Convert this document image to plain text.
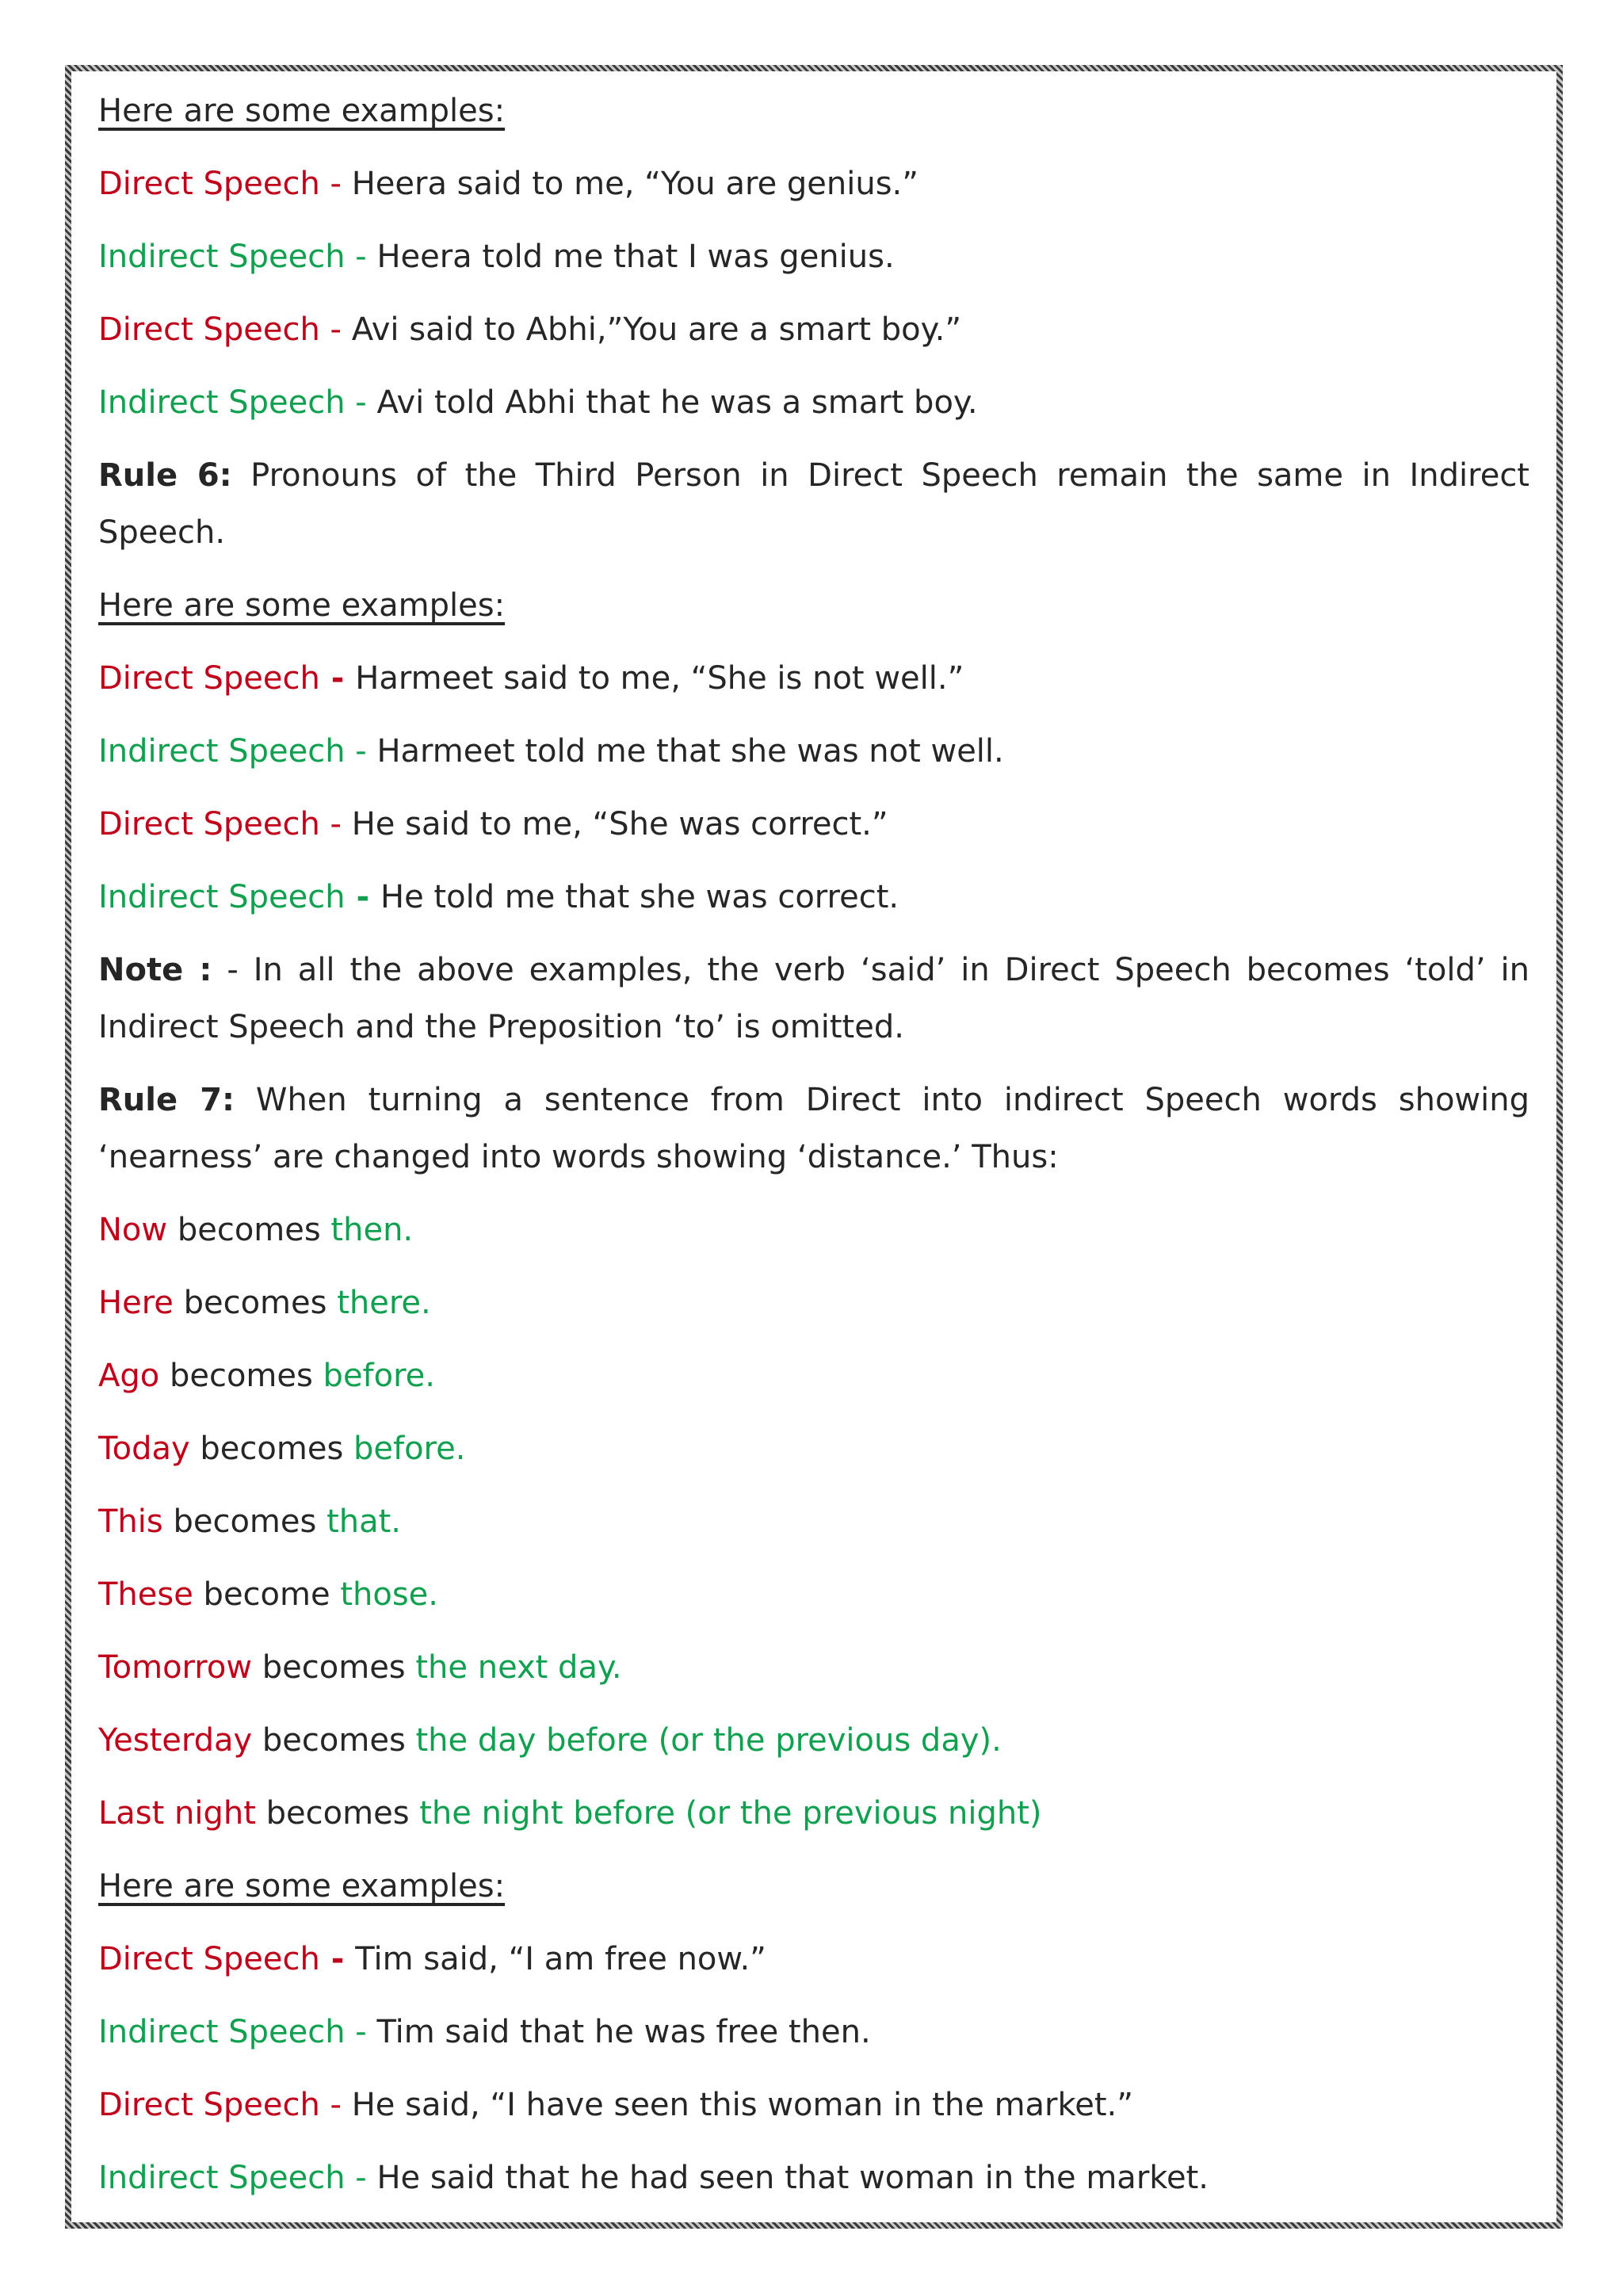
Here are some examples:
Direct Speech - Heera said to me, “You are genius.”
Indirect Speech - Heera told me that I was genius.
Direct Speech - Avi said to Abhi,”You are a smart boy.”
Indirect Speech - Avi told Abhi that he was a smart boy.
Rule 6: Pronouns of the Third Person in Direct Speech remain the same in Indirect Speech.
Here are some examples:
Direct Speech - Harmeet said to me, “She is not well.”
Indirect Speech - Harmeet told me that she was not well.
Direct Speech - He said to me, “She was correct.”
Indirect Speech - He told me that she was correct.
Note : - In all the above examples, the verb ‘said’ in Direct Speech becomes ‘told’ in Indirect Speech and the Preposition ‘to’ is omitted.
Rule 7: When turning a sentence from Direct into indirect Speech words showing ‘nearness’ are changed into words showing ‘distance.’ Thus:
Now becomes then.
Here becomes there.
Ago becomes before.
Today becomes before.
This becomes that.
These become those.
Tomorrow becomes the next day.
Yesterday becomes the day before (or the previous day).
Last night becomes the night before (or the previous night)
Here are some examples:
Direct Speech - Tim said, “I am free now.”
Indirect Speech - Tim said that he was free then.
Direct Speech - He said, “I have seen this woman in the market.”
Indirect Speech - He said that he had seen that woman in the market.
